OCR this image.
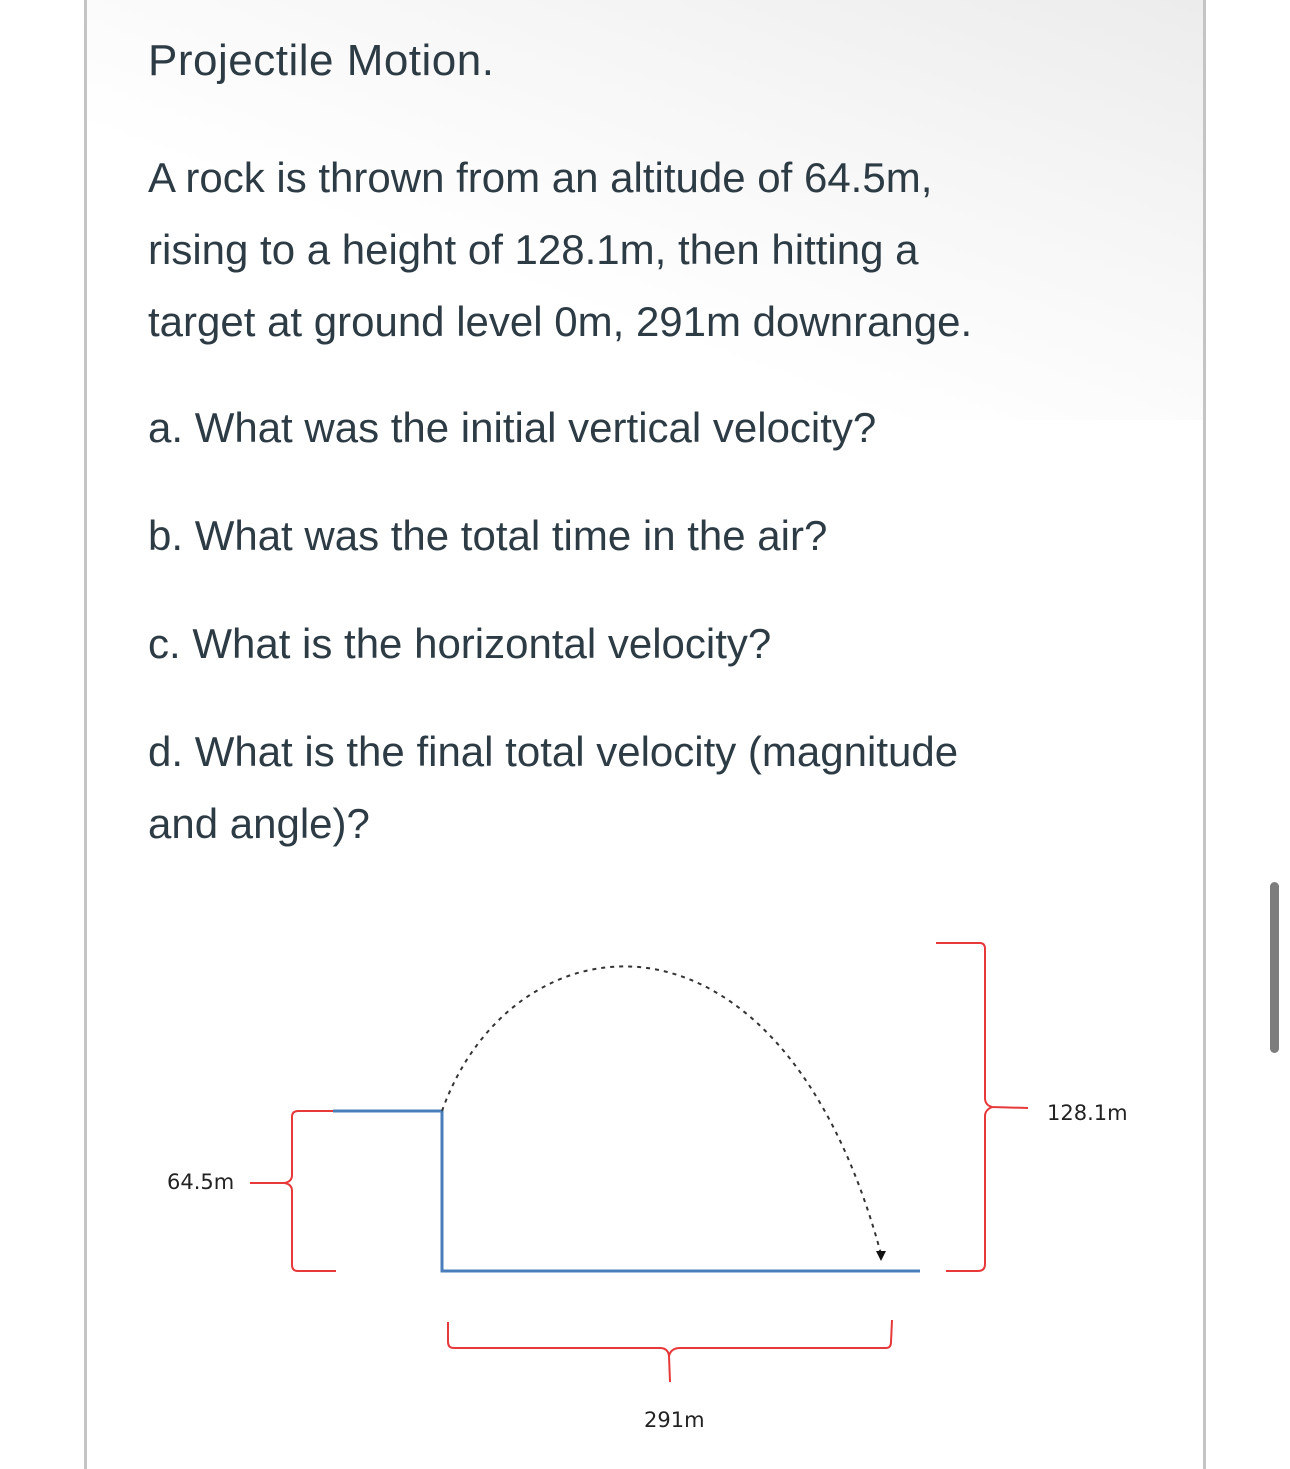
Projectile Motion.

A rock is thrown from an altitude of 64.5m,

rising to a height of 128.1m, then hitting a

target at ground level 0m, 291m downrange.

a. What was the initial vertical velocity?

b. What was the total time in the air?

c. What is the horizontal velocity?

d. What is the final total velocity (magnitude

and angle)?

64.5m
128.1m
291m
